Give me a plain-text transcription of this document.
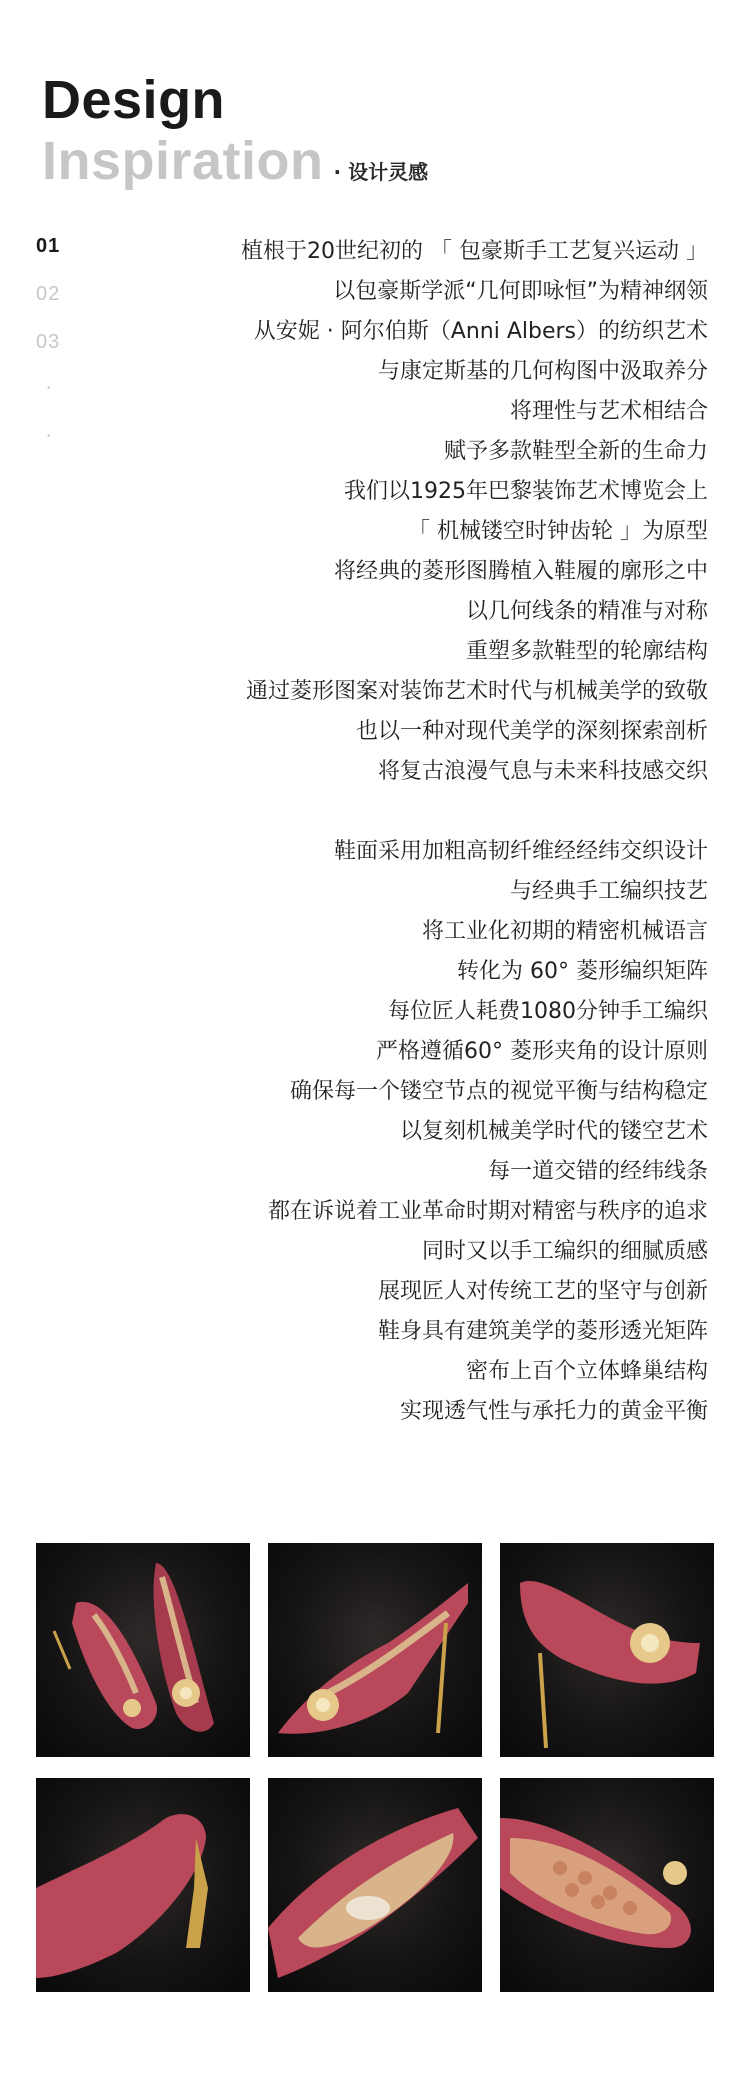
Design
Inspiration · 设计灵感
01
02
03
·
·
植根于20世纪初的 「 包豪斯手工艺复兴运动 」
以包豪斯学派“几何即咏恒”为精神纲领
从安妮 · 阿尔伯斯（Anni Albers）的纺织艺术
与康定斯基的几何构图中汲取养分
将理性与艺术相结合
赋予多款鞋型全新的生命力
我们以1925年巴黎装饰艺术博览会上
「 机械镂空时钟齿轮 」为原型
将经典的菱形图腾植入鞋履的廓形之中
以几何线条的精准与对称
重塑多款鞋型的轮廓结构
通过菱形图案对装饰艺术时代与机械美学的致敬
也以一种对现代美学的深刻探索剖析
将复古浪漫气息与未来科技感交织
鞋面采用加粗高韧纤维经经纬交织设计
与经典手工编织技艺
将工业化初期的精密机械语言
转化为 60° 菱形编织矩阵
每位匠人耗费1080分钟手工编织
严格遵循60° 菱形夹角的设计原则
确保每一个镂空节点的视觉平衡与结构稳定
以复刻机械美学时代的镂空艺术
每一道交错的经纬线条
都在诉说着工业革命时期对精密与秩序的追求
同时又以手工编织的细腻质感
展现匠人对传统工艺的坚守与创新
鞋身具有建筑美学的菱形透光矩阵
密布上百个立体蜂巢结构
实现透气性与承托力的黄金平衡
